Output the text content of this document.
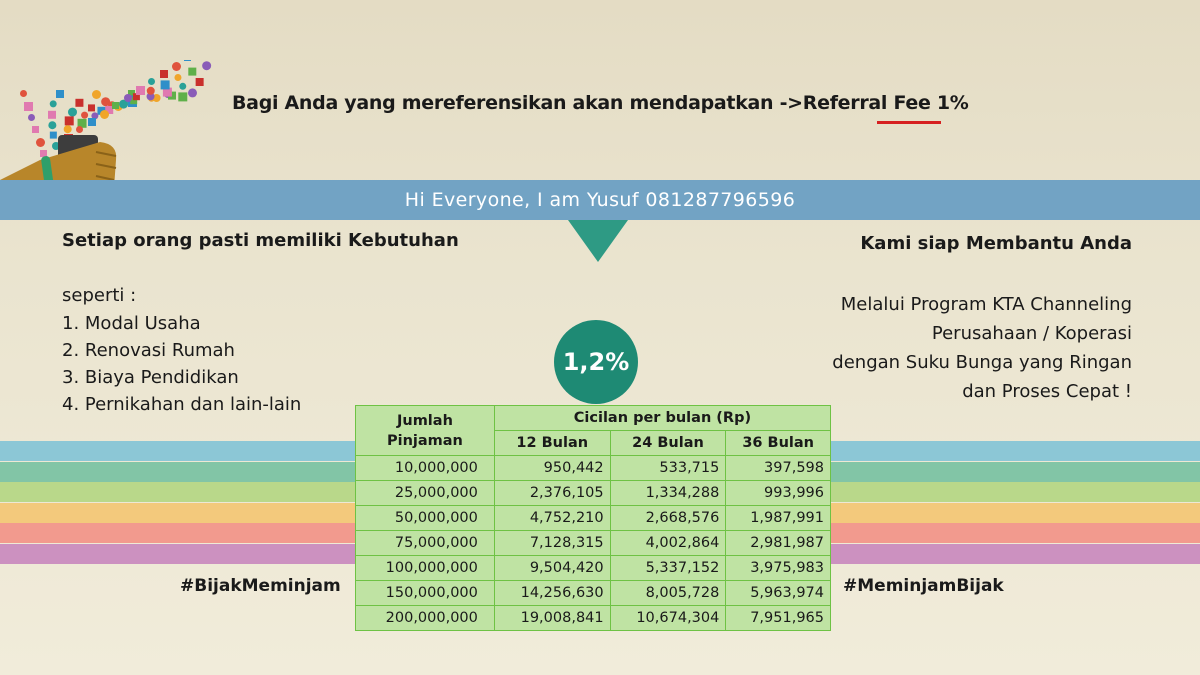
Bagi Anda yang mereferensikan akan mendapatkan ->Referral Fee 1%
Hi Everyone, I am Yusuf 081287796596
Setiap orang pasti memiliki Kebutuhan
seperti :
1. Modal Usaha
2. Renovasi Rumah
3. Biaya Pendidikan
4. Pernikahan dan lain-lain
Kami siap Membantu Anda
Melalui Program KTA Channeling
Perusahaan / Koperasi
dengan Suku Bunga yang Ringan
dan Proses Cepat !
1,2%
#BijakMeminjam	#MeminjamBijak
Jumlah
Pinjaman	Cicilan per bulan (Rp)		
	12 Bulan	24 Bulan	36 Bulan
10,000,000	950,442	533,715	397,598
25,000,000	2,376,105	1,334,288	993,996
50,000,000	4,752,210	2,668,576	1,987,991
75,000,000	7,128,315	4,002,864	2,981,987
100,000,000	9,504,420	5,337,152	3,975,983
150,000,000	14,256,630	8,005,728	5,963,974
200,000,000	19,008,841	10,674,304	7,951,965
